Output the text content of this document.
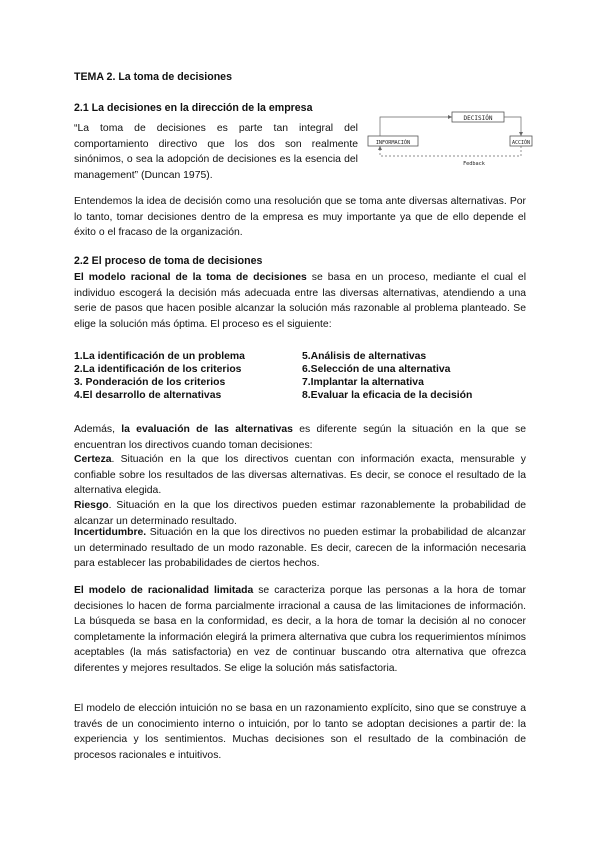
TEMA 2. La toma de decisiones
2.1 La decisiones en la dirección de la empresa

“La toma de decisiones es parte tan integral del comportamiento directivo que los dos son realmente sinónimos, o sea la adopción de decisiones es la esencia del management” (Duncan 1975).

DECISIÓN
INFORMACIÓN	ACCIÓN
Fedback

Entendemos la idea de decisión como una resolución que se toma ante diversas alternativas. Por lo tanto, tomar decisiones dentro de la empresa es muy importante ya que de ello depende el éxito o el fracaso de la organización.

2.2 El proceso de toma de decisiones

El modelo racional de la toma de decisiones se basa en un proceso, mediante el cual el individuo escogerá la decisión más adecuada entre las diversas alternativas, atendiendo a una serie de pasos que hacen posible alcanzar la solución más razonable al problema planteado. Se elige la solución más óptima. El proceso es el siguiente:

1.La identificación de un problema
2.La identificación de los criterios
3. Ponderación de los criterios
4.El desarrollo de alternativas
5.Análisis de alternativas
6.Selección de una alternativa
7.Implantar la alternativa
8.Evaluar la eficacia de la decisión

Además, la evaluación de las alternativas es diferente según la situación en la que se encuentran los directivos cuando toman decisiones:

Certeza. Situación en la que los directivos cuentan con información exacta, mensurable y confiable sobre los resultados de las diversas alternativas. Es decir, se conoce el resultado de la alternativa elegida.

Riesgo. Situación en la que los directivos pueden estimar razonablemente la probabilidad de alcanzar un determinado resultado.

Incertidumbre. Situación en la que los directivos no pueden estimar la probabilidad de alcanzar un determinado resultado de un modo razonable. Es decir, carecen de la información necesaria para establecer las probabilidades de ciertos hechos.

El modelo de racionalidad limitada se caracteriza porque las personas a la hora de tomar decisiones lo hacen de forma parcialmente irracional a causa de las limitaciones de información. La búsqueda se basa en la conformidad, es decir, a la hora de tomar la decisión al no conocer completamente la información elegirá la primera alternativa que cubra los requerimientos mínimos aceptables (la más satisfactoria) en vez de continuar buscando otra alternativa que ofrezca diferentes y mejores resultados. Se elige la solución más satisfactoria.

El modelo de elección intuición no se basa en un razonamiento explícito, sino que se construye a través de un conocimiento interno o intuición, por lo tanto se adoptan decisiones a partir de: la experiencia y los sentimientos. Muchas decisiones son el resultado de la combinación de procesos racionales e intuitivos.
